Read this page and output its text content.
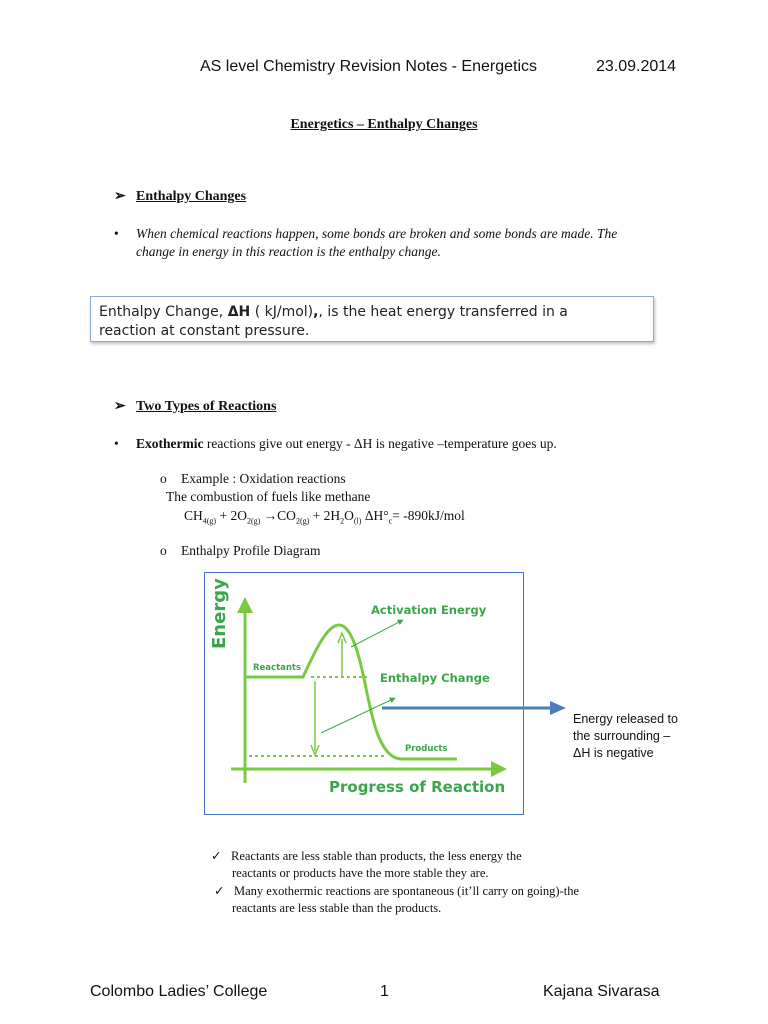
AS level Chemistry Revision Notes - Energetics	23.09.2014
Energetics – Enthalpy Changes
➢ Enthalpy Changes
• When chemical reactions happen, some bonds are broken and some bonds are made. The
change in energy in this reaction is the enthalpy change.
Enthalpy Change, ΔH ( kJ/mol),, is the heat energy transferred in a
reaction at constant pressure.
➢ Two Types of Reactions
• Exothermic reactions give out energy - ΔH is negative –temperature goes up.
o Example : Oxidation reactions
The combustion of fuels like methane
$CH_{4(g)} + 2O_{2(g)} \to CO_{2(g)} + 2H_2O_{(l)}$ $\Delta H^\circ_c= -890kJ/mol$
o Enthalpy Profile Diagram
Energy	Activation Energy
Enthalpy Change
Reactants
Products
Progress of Reaction
Energy released to
the surrounding –
ΔH is negative
✓ Reactants are less stable than products, the less energy the
reactants or products have the more stable they are.
✓ Many exothermic reactions are spontaneous (it’ll carry on going)-the
reactants are less stable than the products.
Colombo Ladies’ College	1	Kajana Sivarasa
